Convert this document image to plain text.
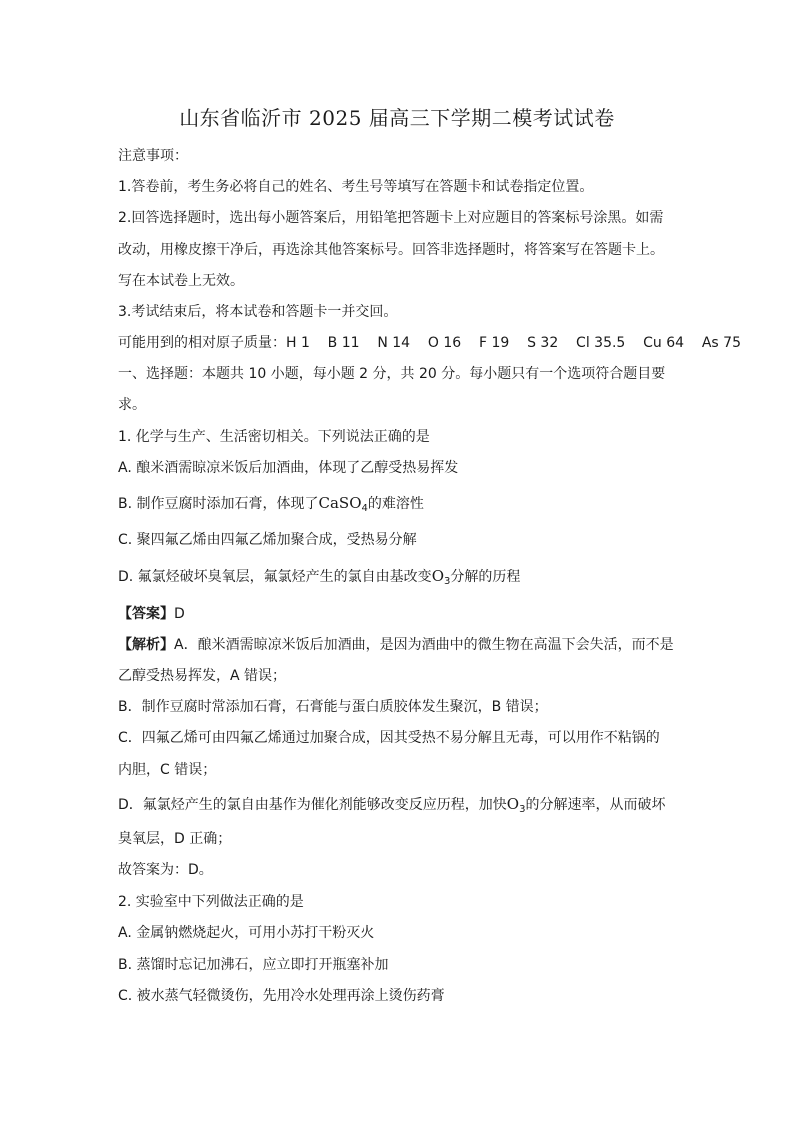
山东省临沂市 2025 届高三下学期二模考试试卷
注意事项：
1.答卷前，考生务必将自己的姓名、考生号等填写在答题卡和试卷指定位置。
2.回答选择题时，选出每小题答案后，用铅笔把答题卡上对应题目的答案标号涂黑。如需
改动，用橡皮擦干净后，再选涂其他答案标号。回答非选择题时，将答案写在答题卡上。
写在本试卷上无效。
3.考试结束后，将本试卷和答题卡一并交回。
可能用到的相对原子质量：H 1    B 11    N 14    O 16    F 19    S 32    Cl 35.5    Cu 64    As 75
一、选择题：本题共 10 小题，每小题 2 分，共 20 分。每小题只有一个选项符合题目要
求。
1. 化学与生产、生活密切相关。下列说法正确的是
A. 酿米酒需晾凉米饭后加酒曲，体现了乙醇受热易挥发
B. 制作豆腐时添加石膏，体现了CaSO$_4$的难溶性
C. 聚四氟乙烯由四氟乙烯加聚合成，受热易分解
D. 氟氯烃破坏臭氧层，氟氯烃产生的氯自由基改变$O_3$分解的历程
【答案】D
【解析】A．酿米酒需晾凉米饭后加酒曲，是因为酒曲中的微生物在高温下会失活，而不是
乙醇受热易挥发，A 错误；
B．制作豆腐时常添加石膏，石膏能与蛋白质胶体发生聚沉，B 错误；
C．四氟乙烯可由四氟乙烯通过加聚合成，因其受热不易分解且无毒，可以用作不粘锅的
内胆，C 错误；
D．氟氯烃产生的氯自由基作为催化剂能够改变反应历程，加快$O_3$的分解速率，从而破坏
臭氧层，D 正确；
故答案为：D。
2. 实验室中下列做法正确的是
A. 金属钠燃烧起火，可用小苏打干粉灭火
B. 蒸馏时忘记加沸石，应立即打开瓶塞补加
C. 被水蒸气轻微烫伤，先用冷水处理再涂上烫伤药膏
